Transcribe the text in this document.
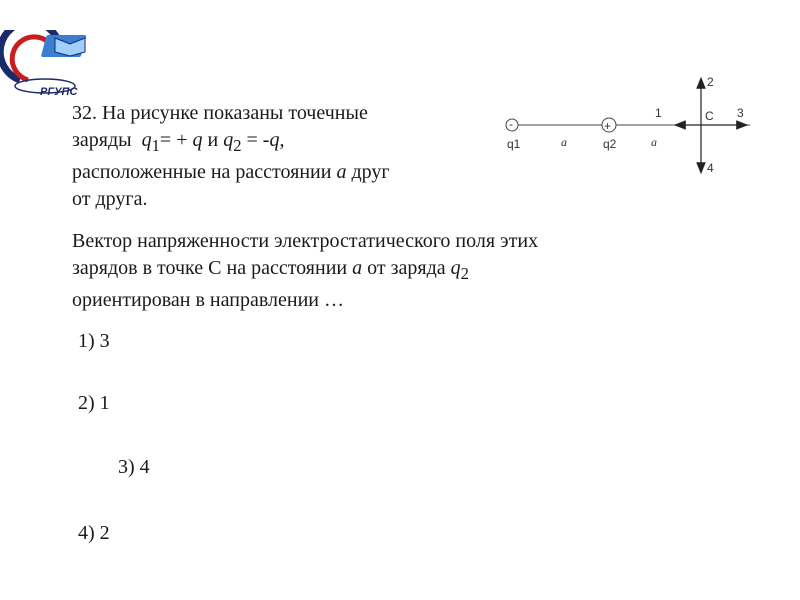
РГУПС
32. На рисунке показаны точечные
заряды $q_1= + q$ и $q_2 = -q$,
расположенные на расстоянии a друг
от друга.
Вектор напряженности электростатического поля этих
зарядов в точке С на расстоянии a от заряда $q_2$
ориентирован в направлении …
-
q1	a
+
q2	a
C
2
4
1	3
1) 3
2) 1
3) 4
4) 2
